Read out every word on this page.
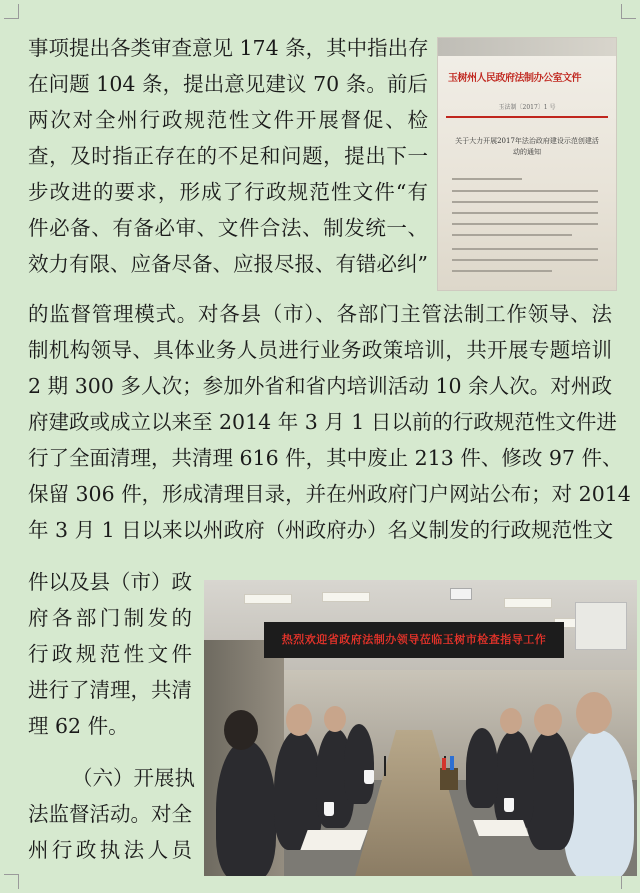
事项提出各类审查意见 174 条，其中指出存
在问题 104 条，提出意见建议 70 条。前后
两次对全州行政规范性文件开展督促、检
查，及时指正存在的不足和问题，提出下一
步改进的要求，形成了行政规范性文件“有
件必备、有备必审、文件合法、制发统一、
效力有限、应备尽备、应报尽报、有错必纠”
的监督管理模式。对各县（市）、各部门主管法制工作领导、法
制机构领导、具体业务人员进行业务政策培训，共开展专题培训
2 期 300 多人次；参加外省和省内培训活动 10 余人次。对州政
府建政或成立以来至 2014 年 3 月 1 日以前的行政规范性文件进
行了全面清理，共清理 616 件，其中废止 213 件、修改 97 件、
保留 306 件，形成清理目录，并在州政府门户网站公布；对 2014
年 3 月 1 日以来以州政府（州政府办）名义制发的行政规范性文
件以及县（市）政
府各部门制发的
行政规范性文件
进行了清理，共清
理 62 件。
（六）开展执
法监督活动。对全
州行政执法人员
玉树州人民政府法制办公室文件
玉法制〔2017〕1 号
关于大力开展2017年法治政府建设示范创建活动的通知
热烈欢迎省政府法制办领导莅临玉树市检查指导工作
